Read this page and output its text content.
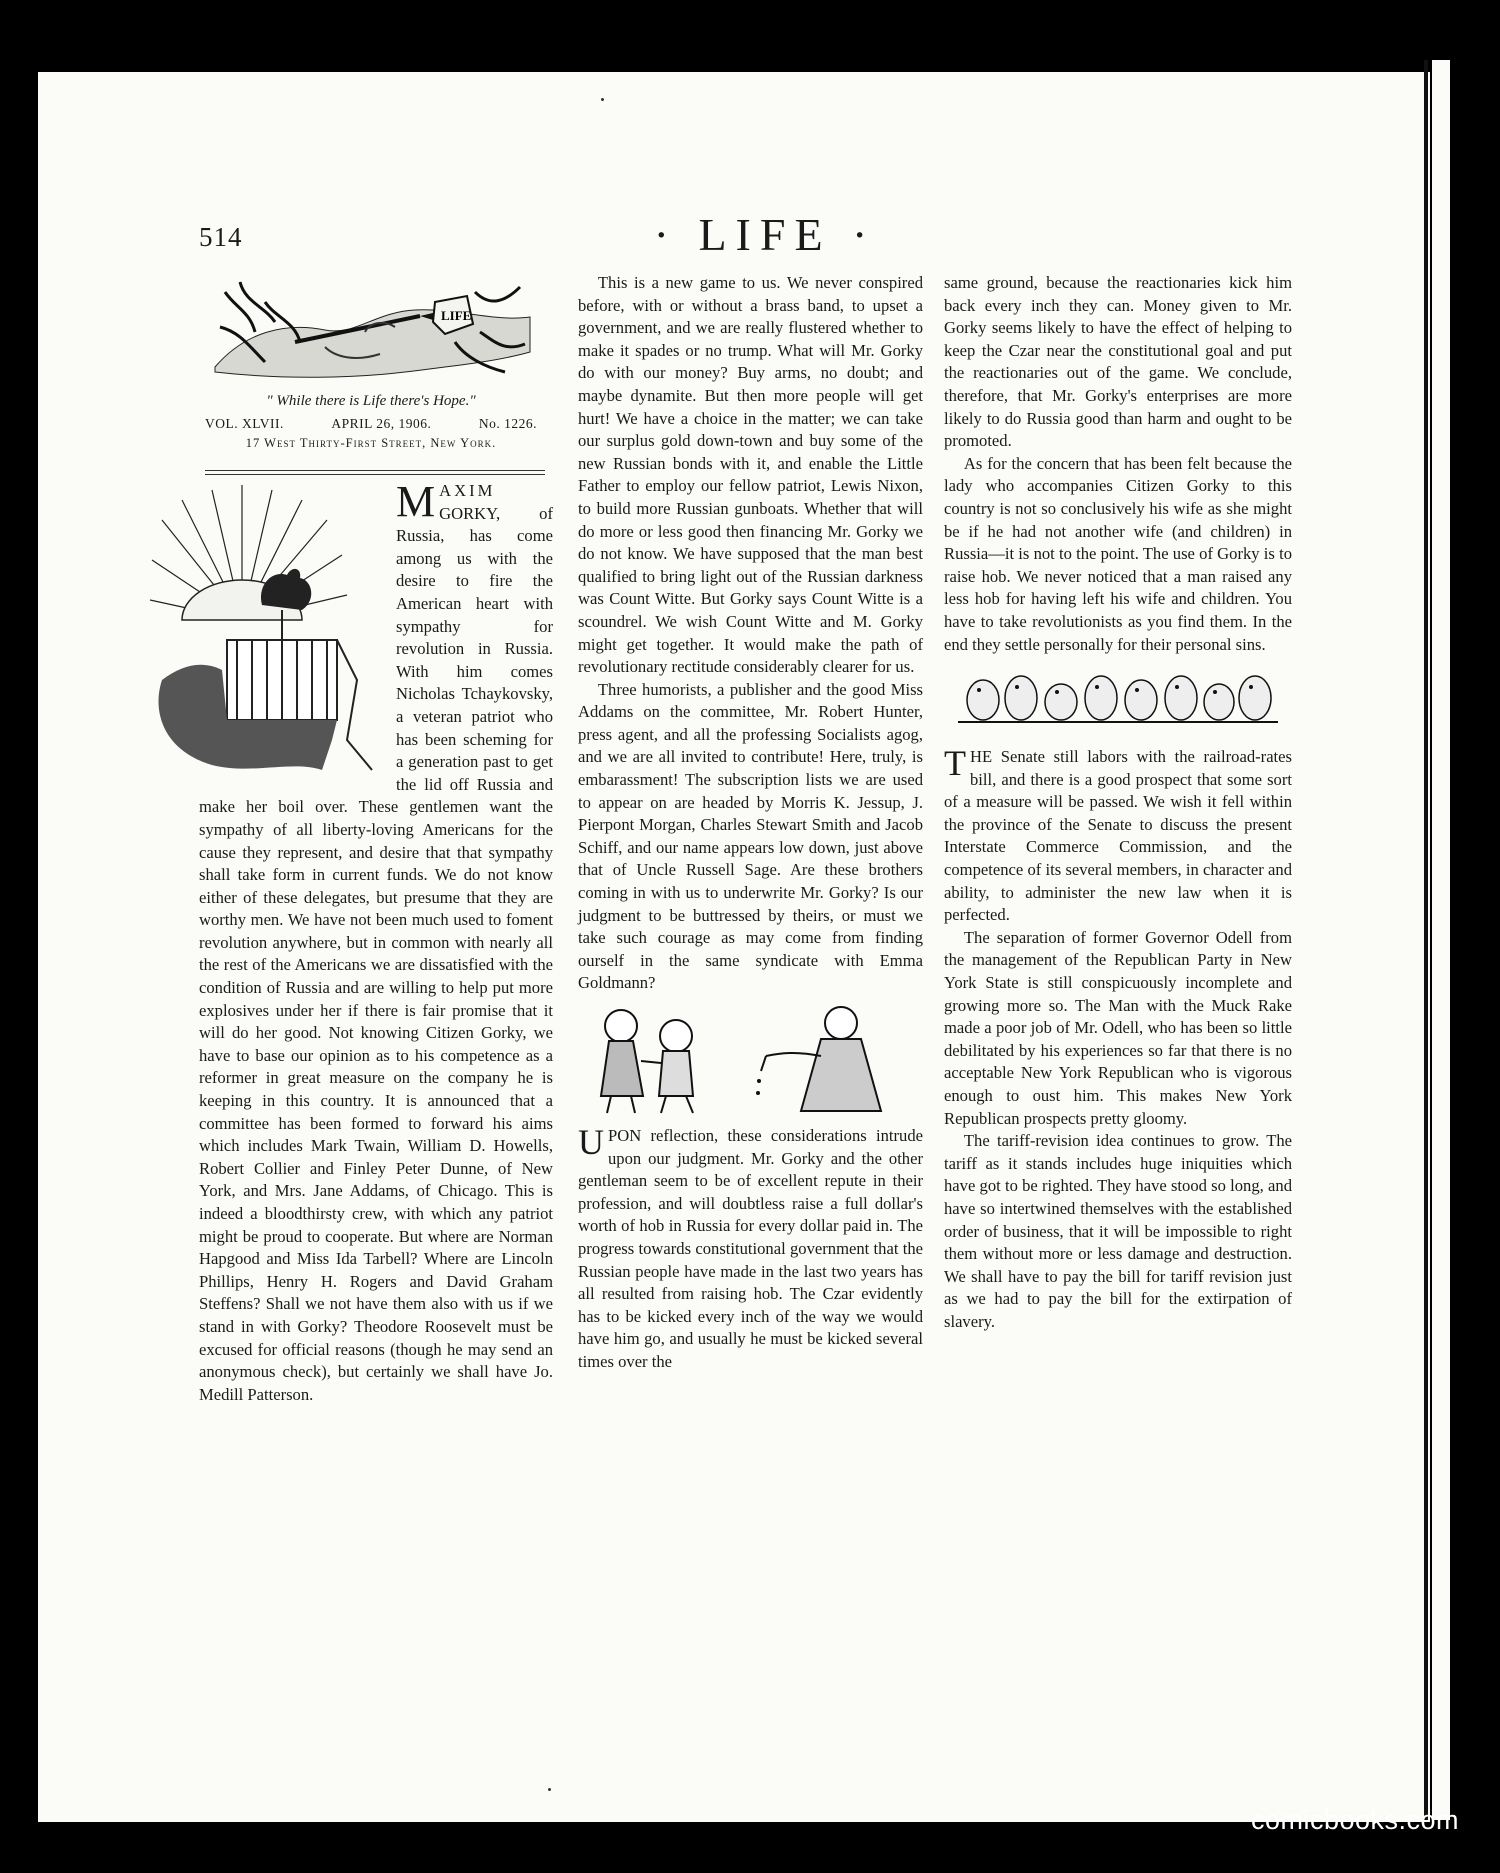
514	· LIFE ·
LIFE
" While there is Life there's Hope."
VOL. XLVII.	APRIL 26, 1906.	No. 1226.
17 West Thirty-First Street, New York.

MAXIM GORKY, of Russia, has come among us with the desire to fire the American heart with sympathy for revolution in Russia. With him comes Nicholas Tchaykovsky, a veteran patriot who has been scheming for a generation past to get the lid off Russia and make her boil over. These gentlemen want the sympathy of all liberty-loving Americans for the cause they represent, and desire that that sympathy shall take form in current funds. We do not know either of these delegates, but presume that they are worthy men. We have not been much used to foment revolution anywhere, but in common with nearly all the rest of the Americans we are dissatisfied with the condition of Russia and are willing to help put more explosives under her if there is fair promise that it will do her good. Not knowing Citizen Gorky, we have to base our opinion as to his competence as a reformer in great measure on the company he is keeping in this country. It is announced that a committee has been formed to forward his aims which includes Mark Twain, William D. Howells, Robert Collier and Finley Peter Dunne, of New York, and Mrs. Jane Addams, of Chicago. This is indeed a bloodthirsty crew, with which any patriot might be proud to cooperate. But where are Norman Hapgood and Miss Ida Tarbell? Where are Lincoln Phillips, Henry H. Rogers and David Graham Steffens? Shall we not have them also with us if we stand in with Gorky? Theodore Roosevelt must be excused for official reasons (though he may send an anonymous check), but certainly we shall have Jo. Medill Patterson.

This is a new game to us. We never conspired before, with or without a brass band, to upset a government, and we are really flustered whether to make it spades or no trump. What will Mr. Gorky do with our money? Buy arms, no doubt; and maybe dynamite. But then more people will get hurt! We have a choice in the matter; we can take our surplus gold down-town and buy some of the new Russian bonds with it, and enable the Little Father to employ our fellow patriot, Lewis Nixon, to build more Russian gunboats. Whether that will do more or less good then financing Mr. Gorky we do not know. We have supposed that the man best qualified to bring light out of the Russian darkness was Count Witte. But Gorky says Count Witte is a scoundrel. We wish Count Witte and M. Gorky might get together. It would make the path of revolutionary rectitude considerably clearer for us.

Three humorists, a publisher and the good Miss Addams on the committee, Mr. Robert Hunter, press agent, and all the professing Socialists agog, and we are all invited to contribute! Here, truly, is embarassment! The subscription lists we are used to appear on are headed by Morris K. Jessup, J. Pierpont Morgan, Charles Stewart Smith and Jacob Schiff, and our name appears low down, just above that of Uncle Russell Sage. Are these brothers coming in with us to underwrite Mr. Gorky? Is our judgment to be buttressed by theirs, or must we take such courage as may come from finding ourself in the same syndicate with Emma Goldmann?

UPON reflection, these considerations intrude upon our judgment. Mr. Gorky and the other gentleman seem to be of excellent repute in their profession, and will doubtless raise a full dollar's worth of hob in Russia for every dollar paid in. The progress towards constitutional government that the Russian people have made in the last two years has all resulted from raising hob. The Czar evidently has to be kicked every inch of the way we would have him go, and usually he must be kicked several times over the

same ground, because the reactionaries kick him back every inch they can. Money given to Mr. Gorky seems likely to have the effect of helping to keep the Czar near the constitutional goal and put the reactionaries out of the game. We conclude, therefore, that Mr. Gorky's enterprises are more likely to do Russia good than harm and ought to be promoted.

As for the concern that has been felt because the lady who accompanies Citizen Gorky to this country is not so conclusively his wife as she might be if he had not another wife (and children) in Russia—it is not to the point. The use of Gorky is to raise hob. We never noticed that a man raised any less hob for having left his wife and children. You have to take revolutionists as you find them. In the end they settle personally for their personal sins.

THE Senate still labors with the railroad-rates bill, and there is a good prospect that some sort of a measure will be passed. We wish it fell within the province of the Senate to discuss the present Interstate Commerce Commission, and the competence of its several members, in character and ability, to administer the new law when it is perfected.

The separation of former Governor Odell from the management of the Republican Party in New York State is still conspicuously incomplete and growing more so. The Man with the Muck Rake made a poor job of Mr. Odell, who has been so little debilitated by his experiences so far that there is no acceptable New York Republican who is vigorous enough to oust him. This makes New York Republican prospects pretty gloomy.

The tariff-revision idea continues to grow. The tariff as it stands includes huge iniquities which have got to be righted. They have stood so long, and have so intertwined themselves with the established order of business, that it will be impossible to right them without more or less damage and destruction. We shall have to pay the bill for tariff revision just as we had to pay the bill for the extirpation of slavery.

comicbooks.com
